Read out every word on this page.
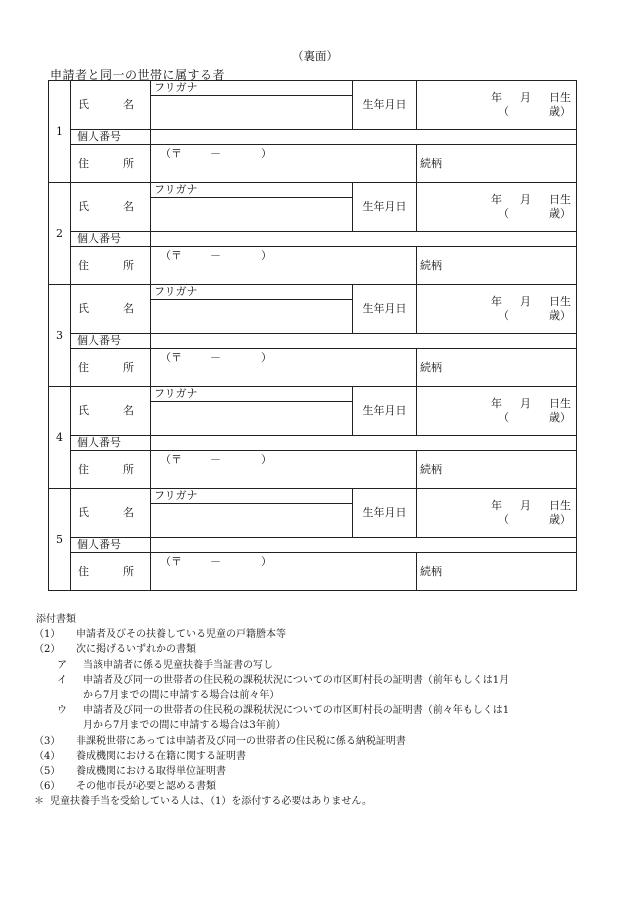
（裏面）
申請者と同一の世帯に属する者
1	氏　名	フリガナ	生年月日	年 月 日生
（ 歳）

	個人番号			
	住　所	（〒 － ）		続柄
2	氏　名	フリガナ	生年月日	年 月 日生
（ 歳）

	個人番号			
	住　所	（〒 － ）		続柄
3	氏　名	フリガナ	生年月日	年 月 日生
（ 歳）

	個人番号			
	住　所	（〒 － ）		続柄
4	氏　名	フリガナ	生年月日	年 月 日生
（ 歳）

	個人番号			
	住　所	（〒 － ）		続柄
5	氏　名	フリガナ	生年月日	年 月 日生
（ 歳）

	個人番号			
	住　所	（〒 － ）		続柄
添付書類
（1）	申請者及びその扶養している児童の戸籍謄本等
（2）	次に掲げるいずれかの書類
ア	当該申請者に係る児童扶養手当証書の写し
イ	申請者及び同一の世帯者の住民税の課税状況についての市区町村長の証明書（前年もしくは1月
から7月までの間に申請する場合は前々年）
ウ	申請者及び同一の世帯者の住民税の課税状況についての市区町村長の証明書（前々年もしくは1
月から7月までの間に申請する場合は3年前）
（3）	非課税世帯にあっては申請者及び同一の世帯者の住民税に係る納税証明書
（4）	養成機関における在籍に関する証明書
（5）	養成機関における取得単位証明書
（6）	その他市長が必要と認める書類
＊ 児童扶養手当を受給している人は、（1）を添付する必要はありません。
